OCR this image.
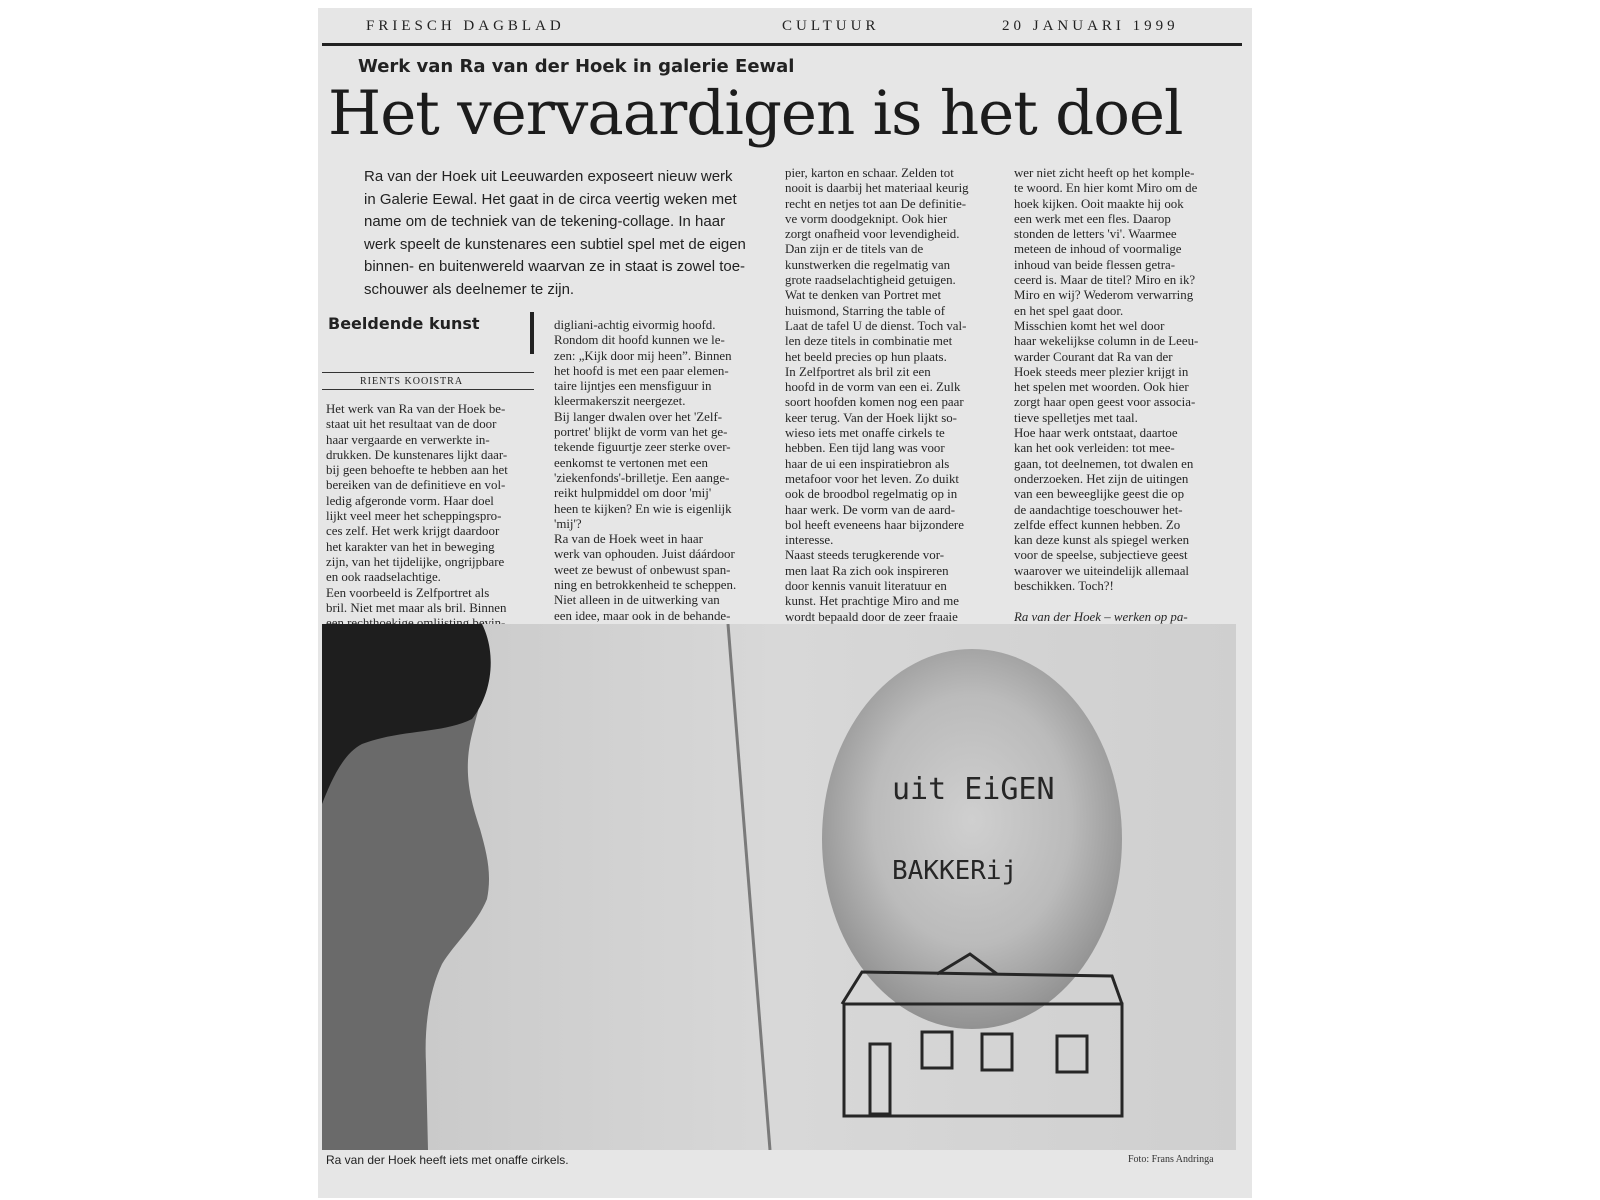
FRIESCH DAGBLAD	CULTUUR	20 JANUARI 1999
Werk van Ra van der Hoek in galerie Eewal
Het vervaardigen is het doel

Ra van der Hoek uit Leeuwarden exposeert nieuw werk

in Galerie Eewal. Het gaat in de circa veertig weken met

name om de techniek van de tekening-collage. In haar

werk speelt de kunstenares een subtiel spel met de eigen

binnen- en buitenwereld waarvan ze in staat is zowel toe-

schouwer als deelnemer te zijn.

Beeldende kunst
RIENTS KOOISTRA

Het werk van Ra van der Hoek be-

staat uit het resultaat van de door

haar vergaarde en verwerkte in-

drukken. De kunstenares lijkt daar-

bij geen behoefte te hebben aan het

bereiken van de definitieve en vol-

ledig afgeronde vorm. Haar doel

lijkt veel meer het scheppingspro-

ces zelf. Het werk krijgt daardoor

het karakter van het in beweging

zijn, van het tijdelijke, ongrijpbare

en ook raadselachtige.

Een voorbeeld is Zelfportret als

bril. Niet met maar als bril. Binnen

digliani-achtig eivormig hoofd.

Rondom dit hoofd kunnen we le-

zen: „Kijk door mij heen”. Binnen

het hoofd is met een paar elemen-

taire lijntjes een mensfiguur in

kleermakerszit neergezet.

Bij langer dwalen over het 'Zelf-

portret' blijkt de vorm van het ge-

tekende figuurtje zeer sterke over-

eenkomst te vertonen met een

'ziekenfonds'-brilletje. Een aange-

reikt hulpmiddel om door 'mij'

heen te kijken? En wie is eigenlijk

'mij'?

Ra van de Hoek weet in haar

werk van ophouden. Juist dáárdoor

weet ze bewust of onbewust span-

ning en betrokkenheid te scheppen.

Niet alleen in de uitwerking van

een idee, maar ook in de behande-

pier, karton en schaar. Zelden tot

nooit is daarbij het materiaal keurig

recht en netjes tot aan De definitie-

ve vorm doodgeknipt. Ook hier

zorgt onafheid voor levendigheid.

Dan zijn er de titels van de

kunstwerken die regelmatig van

grote raadselachtigheid getuigen.

Wat te denken van Portret met

huismond, Starring the table of

Laat de tafel U de dienst. Toch val-

len deze titels in combinatie met

het beeld precies op hun plaats.

In Zelfportret als bril zit een

hoofd in de vorm van een ei. Zulk

soort hoofden komen nog een paar

keer terug. Van der Hoek lijkt so-

wieso iets met onaffe cirkels te

hebben. Een tijd lang was voor

haar de ui een inspiratiebron als

metafoor voor het leven. Zo duikt

ook de broodbol regelmatig op in

haar werk. De vorm van de aard-

bol heeft eveneens haar bijzondere

interesse.

Naast steeds terugkerende vor-

men laat Ra zich ook inspireren

door kennis vanuit literatuur en

kunst. Het prachtige Miro and me

wordt bepaald door de zeer fraaie

wer niet zicht heeft op het komple-

te woord. En hier komt Miro om de

hoek kijken. Ooit maakte hij ook

een werk met een fles. Daarop

stonden de letters 'vi'. Waarmee

meteen de inhoud of voormalige

inhoud van beide flessen getra-

ceerd is. Maar de titel? Miro en ik?

Miro en wij? Wederom verwarring

en het spel gaat door.

Misschien komt het wel door

haar wekelijkse column in de Leeu-

warder Courant dat Ra van der

Hoek steeds meer plezier krijgt in

het spelen met woorden. Ook hier

zorgt haar open geest voor associa-

tieve spelletjes met taal.

Hoe haar werk ontstaat, daartoe

kan het ook verleiden: tot mee-

gaan, tot deelnemen, tot dwalen en

onderzoeken. Het zijn de uitingen

van een beweeglijke geest die op

de aandachtige toeschouwer het-

zelfde effect kunnen hebben. Zo

kan deze kunst als spiegel werken

voor de speelse, subjectieve geest

waarover we uiteindelijk allemaal

beschikken. Toch?!

Ra van der Hoek – werken op pa-

uit EiGEN
BAKKERij
Ra van der Hoek heeft iets met onaffe cirkels.	Foto: Frans Andringa
